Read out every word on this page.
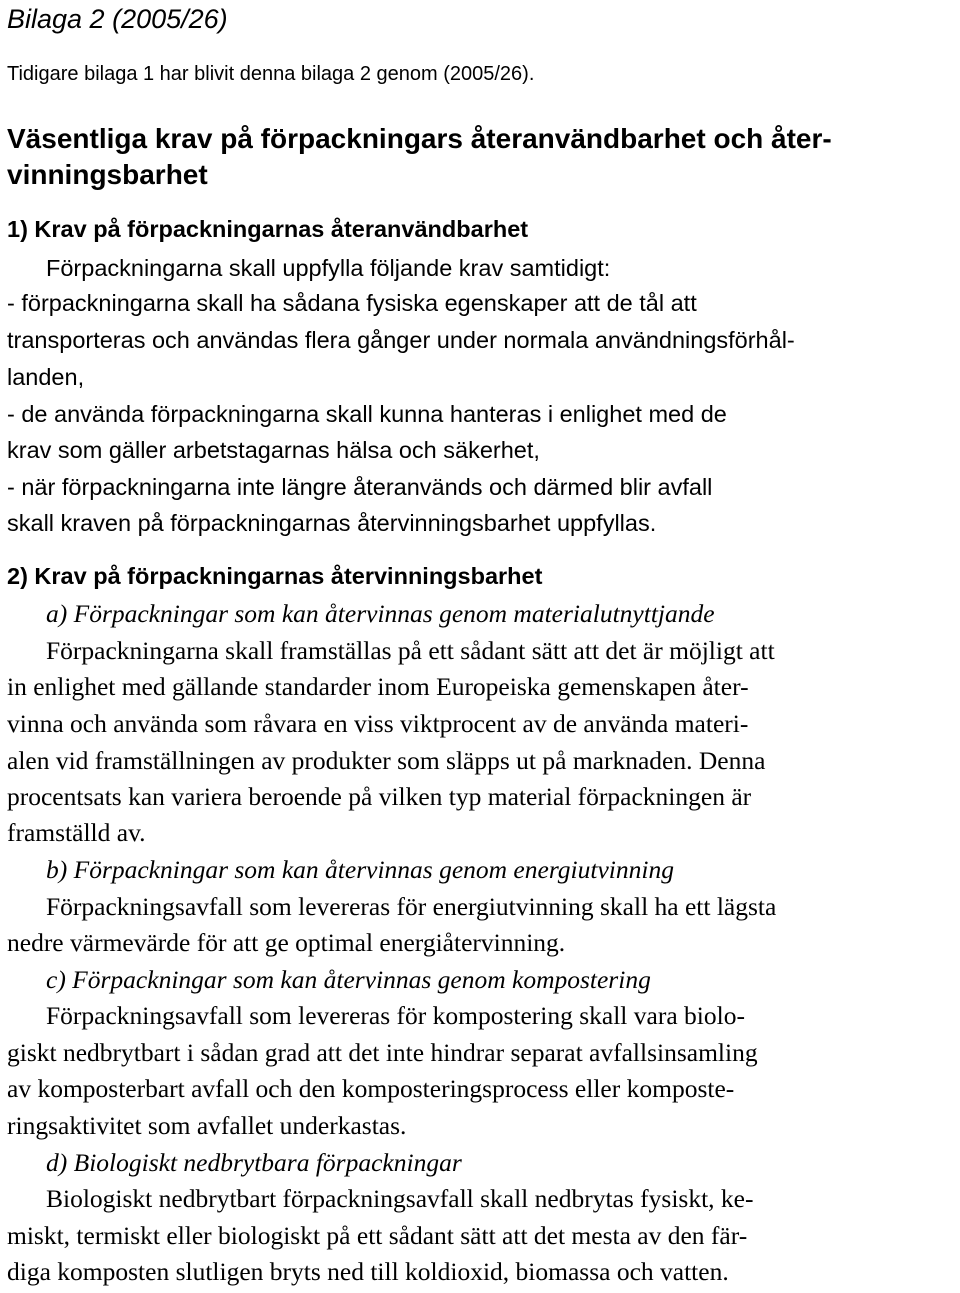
Bilaga 2 (2005/26)
Tidigare bilaga 1 har blivit denna bilaga 2 genom (2005/26).
Väsentliga krav på förpackningars återanvändbarhet och åter-
vinningsbarhet
1) Krav på förpackningarnas återanvändbarhet
Förpackningarna skall uppfylla följande krav samtidigt:
- förpackningarna skall ha sådana fysiska egenskaper att de tål att
transporteras och användas flera gånger under normala användningsförhål-
landen,
- de använda förpackningarna skall kunna hanteras i enlighet med de
krav som gäller arbetstagarnas hälsa och säkerhet,
- när förpackningarna inte längre återanvänds och därmed blir avfall
skall kraven på förpackningarnas återvinningsbarhet uppfyllas.
2) Krav på förpackningarnas återvinningsbarhet
a) Förpackningar som kan återvinnas genom materialutnyttjande
Förpackningarna skall framställas på ett sådant sätt att det är möjligt att
in enlighet med gällande standarder inom Europeiska gemenskapen åter-
vinna och använda som råvara en viss viktprocent av de använda materi-
alen vid framställningen av produkter som släpps ut på marknaden. Denna
procentsats kan variera beroende på vilken typ material förpackningen är
framställd av.
b) Förpackningar som kan återvinnas genom energiutvinning
Förpackningsavfall som levereras för energiutvinning skall ha ett lägsta
nedre värmevärde för att ge optimal energiåtervinning.
c) Förpackningar som kan återvinnas genom kompostering
Förpackningsavfall som levereras för kompostering skall vara biolo-
giskt nedbrytbart i sådan grad att det inte hindrar separat avfallsinsamling
av komposterbart avfall och den komposteringsprocess eller komposte-
ringsaktivitet som avfallet underkastas.
d) Biologiskt nedbrytbara förpackningar
Biologiskt nedbrytbart förpackningsavfall skall nedbrytas fysiskt, ke-
miskt, termiskt eller biologiskt på ett sådant sätt att det mesta av den fär-
diga komposten slutligen bryts ned till koldioxid, biomassa och vatten.
